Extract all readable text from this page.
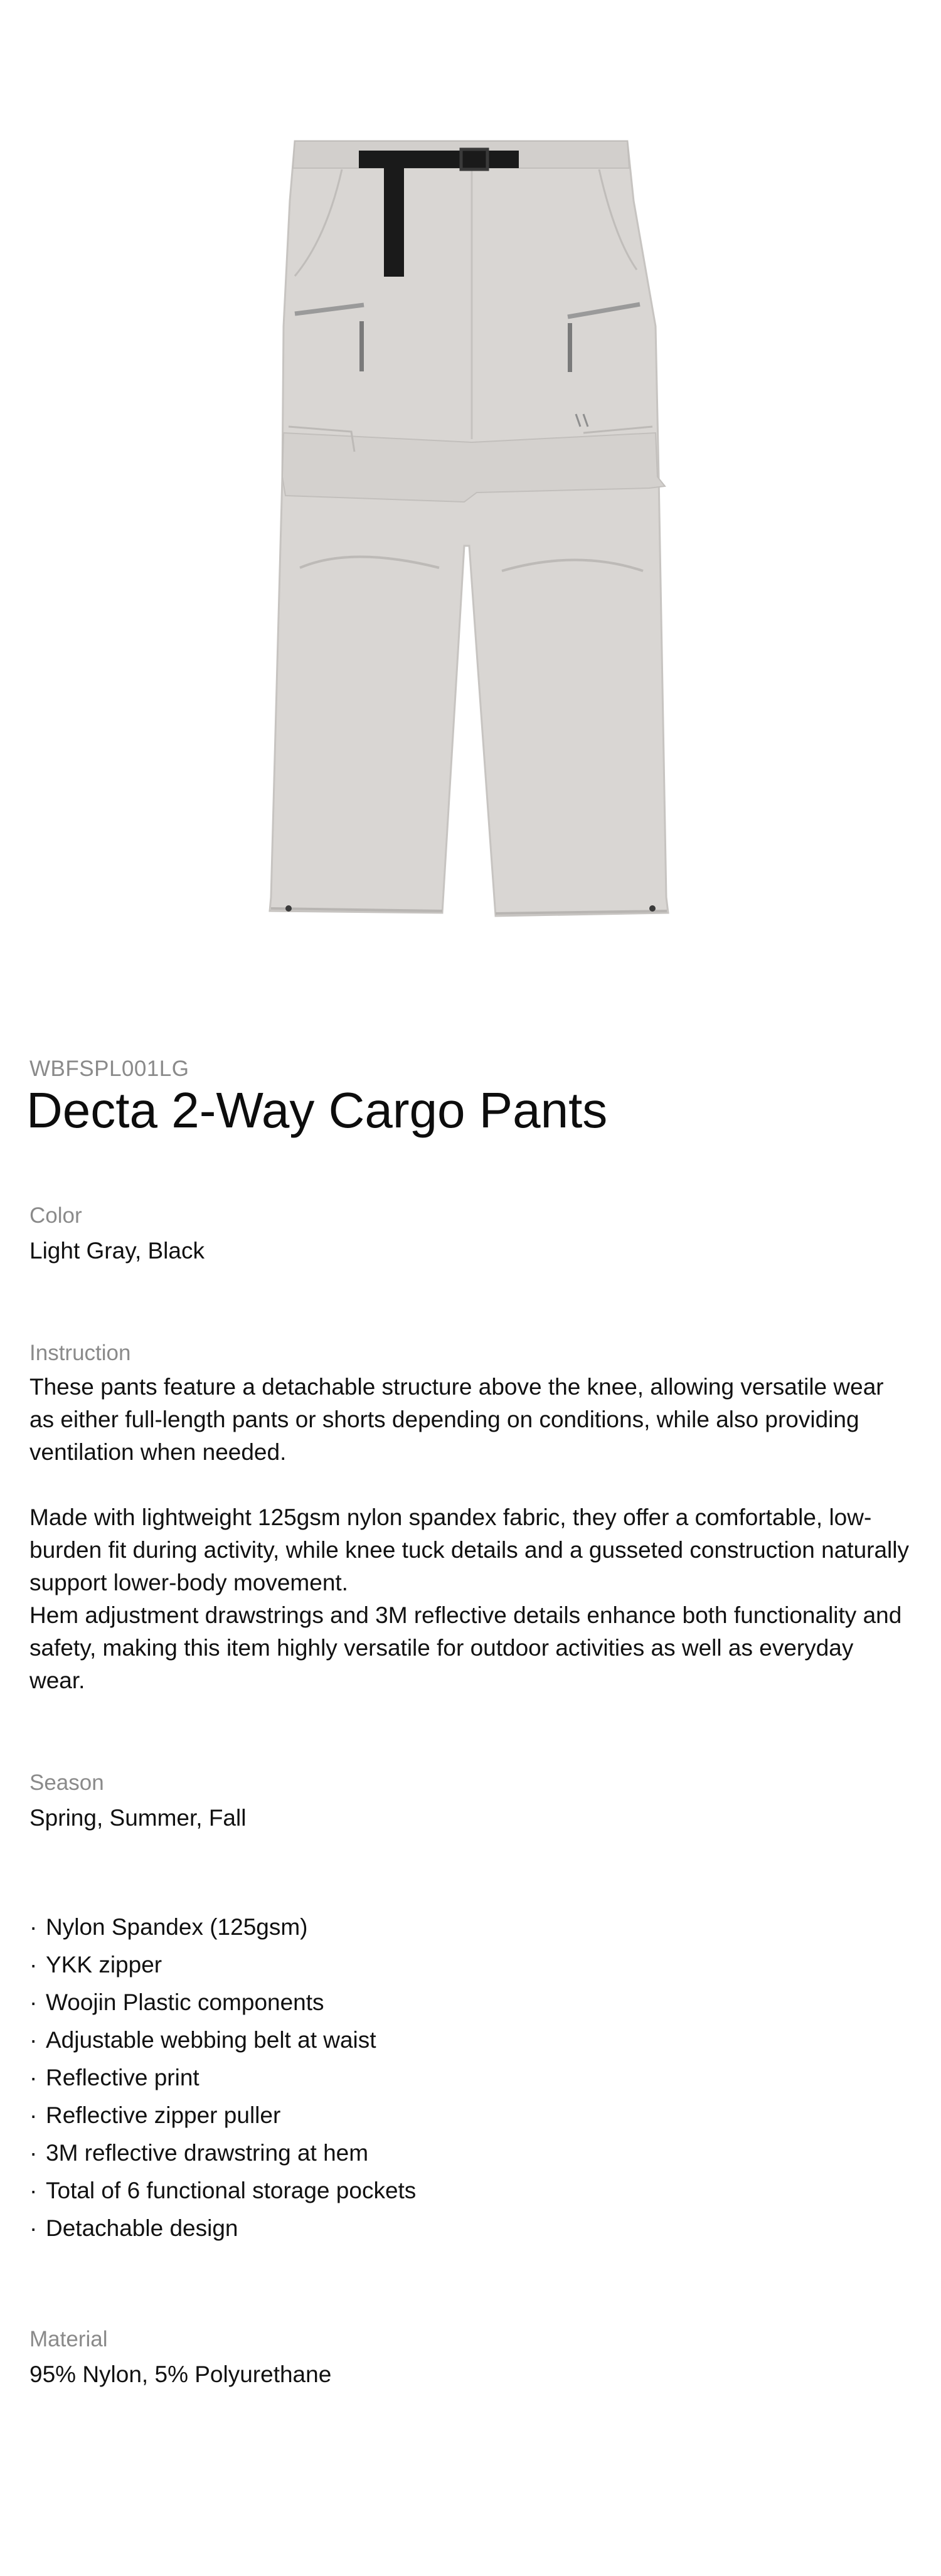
WBFSPL001LG

Decta 2-Way Cargo Pants

Color

Light Gray, Black

Instruction

These pants feature a detachable structure above the knee, allowing versatile wear as either full-length pants or shorts depending on conditions, while also providing ventilation when needed.

Made with lightweight 125gsm nylon spandex fabric, they offer a comfortable, low-burden fit during activity, while knee tuck details and a gusseted construction naturally support lower-body movement.

Hem adjustment drawstrings and 3M reflective details enhance both functionality and safety, making this item highly versatile for outdoor activities as well as everyday wear.

Season

Spring, Summer, Fall

· Nylon Spandex (125gsm)
· YKK zipper
· Woojin Plastic components
· Adjustable webbing belt at waist
· Reflective print
· Reflective zipper puller
· 3M reflective drawstring at hem
· Total of 6 functional storage pockets
· Detachable design

Material

95% Nylon, 5% Polyurethane
